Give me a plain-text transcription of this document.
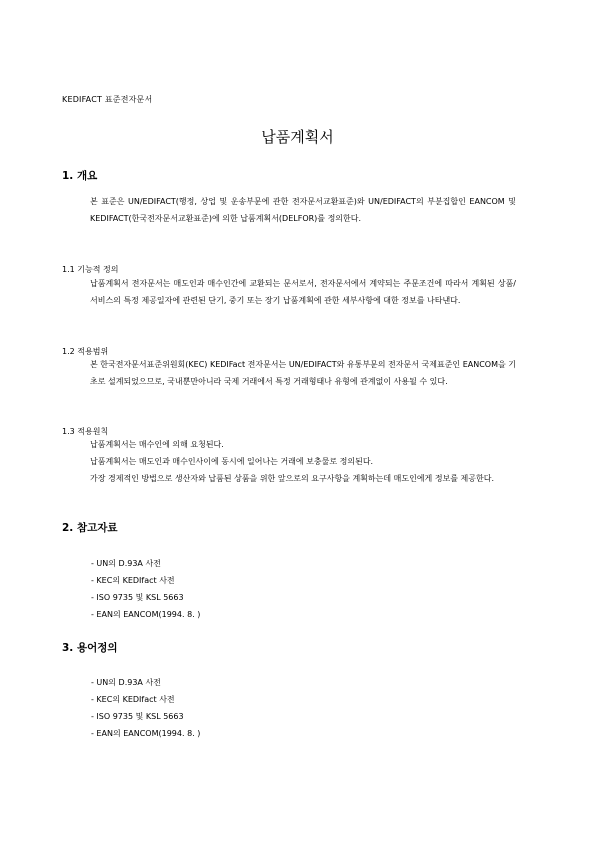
KEDIFACT 표준전자문서
납품계획서
1. 개요

본 표준은 UN/EDIFACT(행정, 상업 및 운송부문에 관한 전자문서교환표준)와 UN/EDIFACT의 부분집합인 EANCOM 및 KEDIFACT(한국전자문서교환표준)에 의한 납품계획서(DELFOR)를 정의한다.

1.1 기능적 정의

납품계획서 전자문서는 매도인과 매수인간에 교환되는 문서로서, 전자문서에서 계약되는 주문조건에 따라서 계획된 상품/서비스의 특정 제공일자에 관련된 단기, 중기 또는 장기 납품계획에 관한 세부사항에 대한 정보를 나타낸다.

1.2 적용범위

본 한국전자문서표준위원회(KEC) KEDIFact 전자문서는 UN/EDIFACT와 유통부문의 전자문서 국제표준인 EANCOM을 기초로 설계되었으므로, 국내뿐만아니라 국제 거래에서 특정 거래형태나 유형에 관계없이 사용될 수 있다.

1.3 적용원칙

납품계획서는 매수인에 의해 요청된다.

납품계획서는 매도인과 매수인사이에 동시에 일어나는 거래에 보충물로 정의된다.

가장 경제적인 방법으로 생산자와 납품된 상품을 위한 앞으로의 요구사항을 계획하는데 매도인에게 정보를 제공한다.

2. 참고자료
- UN의 D.93A 사전
- KEC의 KEDIfact 사전
- ISO 9735 및 KSL 5663
- EAN의 EANCOM(1994. 8. )
3. 용어정의
- UN의 D.93A 사전
- KEC의 KEDIfact 사전
- ISO 9735 및 KSL 5663
- EAN의 EANCOM(1994. 8. )
